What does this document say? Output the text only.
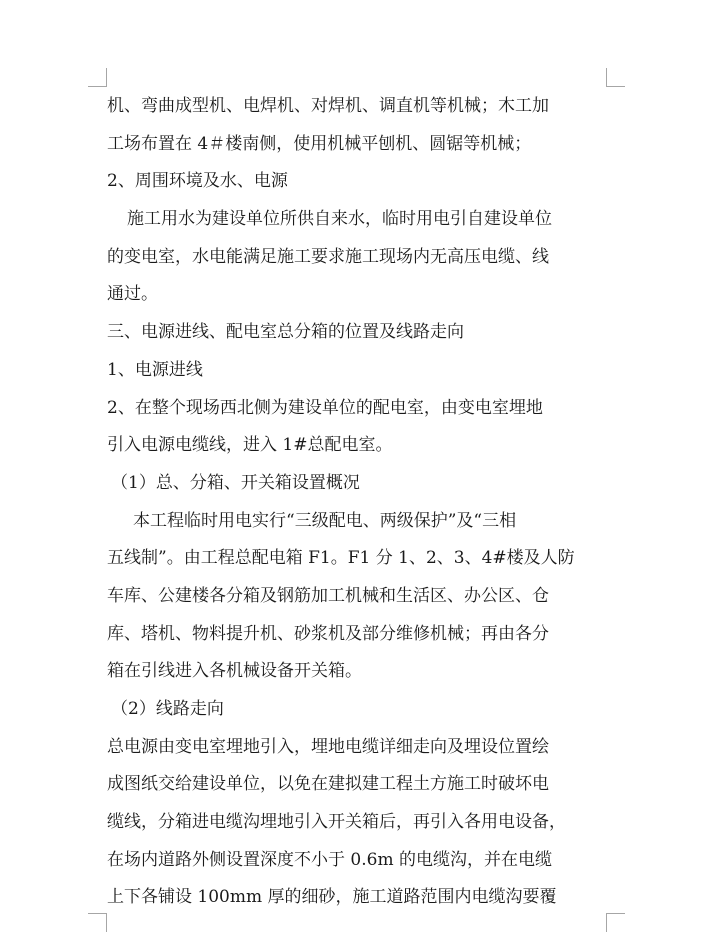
机、弯曲成型机、电焊机、对焊机、调直机等机械；木工加
工场布置在 4＃楼南侧，使用机械平刨机、圆锯等机械；
2、周围环境及水、电源
施工用水为建设单位所供自来水，临时用电引自建设单位
的变电室，水电能满足施工要求施工现场内无高压电缆、线
通过。
三、电源进线、配电室总分箱的位置及线路走向
1、电源进线
2、在整个现场西北侧为建设单位的配电室，由变电室埋地
引入电源电缆线，进入 1#总配电室。
（1）总、分箱、开关箱设置概况
本工程临时用电实行“三级配电、两级保护”及“三相
五线制”。由工程总配电箱 F1。F1 分 1、2、3、4#楼及人防
车库、公建楼各分箱及钢筋加工机械和生活区、办公区、仓
库、塔机、物料提升机、砂浆机及部分维修机械；再由各分
箱在引线进入各机械设备开关箱。
（2）线路走向
总电源由变电室埋地引入，埋地电缆详细走向及埋设位置绘
成图纸交给建设单位，以免在建拟建工程土方施工时破坏电
缆线，分箱进电缆沟埋地引入开关箱后，再引入各用电设备，
在场内道路外侧设置深度不小于 0.6m 的电缆沟，并在电缆
上下各铺设 100mm 厚的细砂，施工道路范围内电缆沟要覆
